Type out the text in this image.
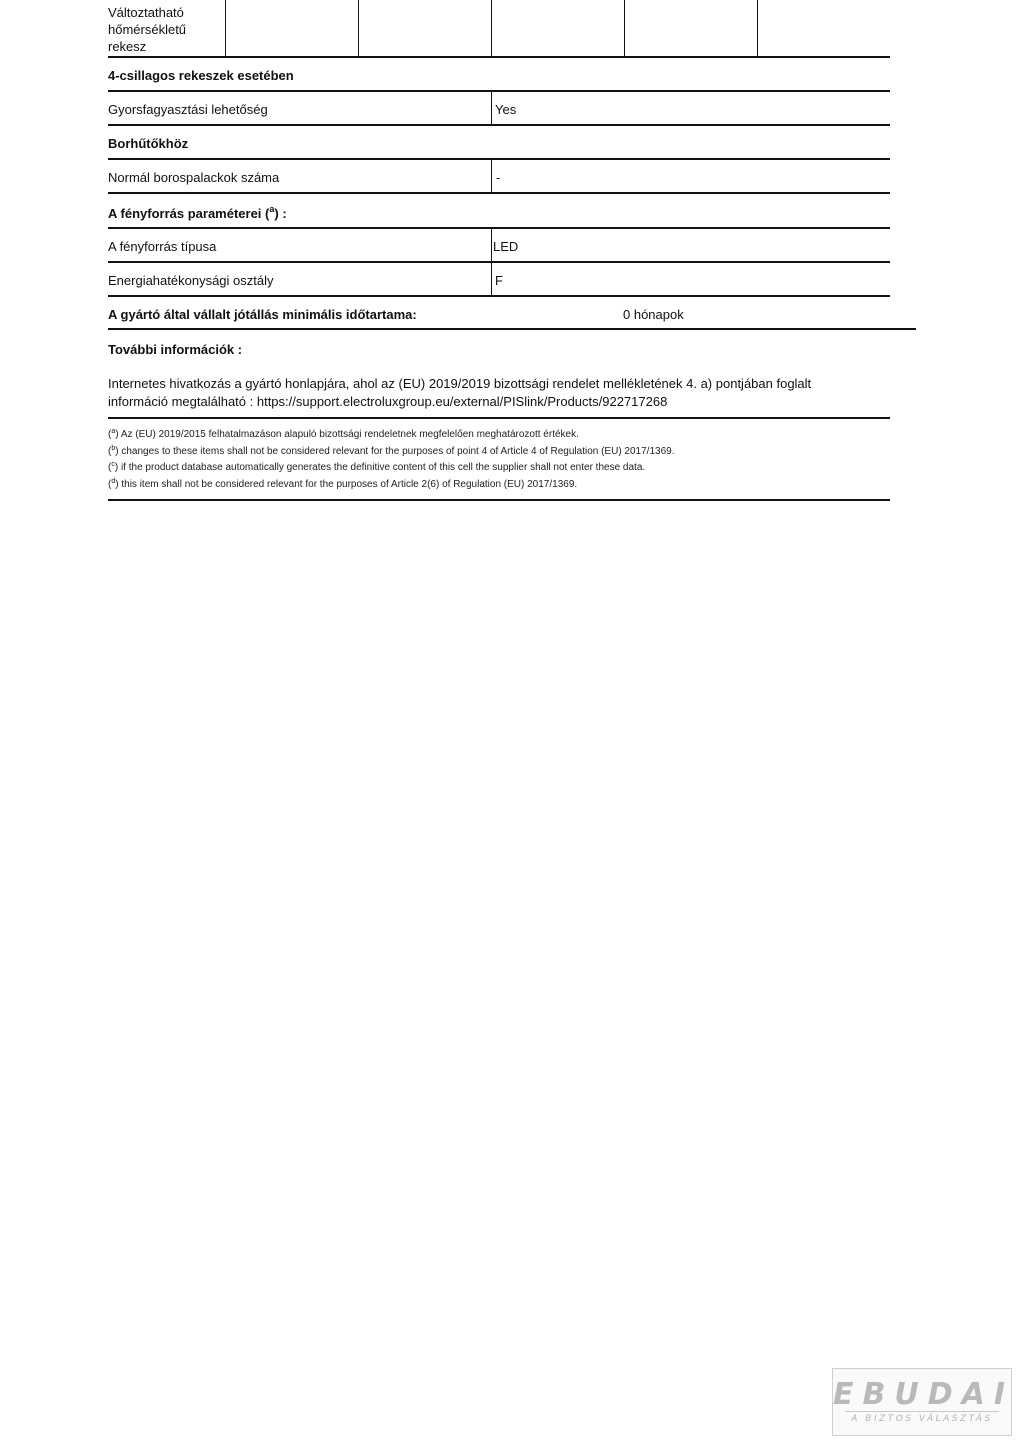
Változtatható hőmérsékletű rekesz
4-csillagos rekeszek esetében
Gyorsfagyasztási lehetőség	Yes
Borhűtőkhöz
Normál borospalackok száma	-
A fényforrás paraméterei ($^a$) :
A fényforrás típusa	LED
Energiahatékonysági osztály	F
A gyártó által vállalt jótállás minimális időtartama:	0 hónapok
További információk :
Internetes hivatkozás a gyártó honlapjára, ahol az (EU) 2019/2019 bizottsági rendelet mellékletének 4. a) pontjában foglalt
információ megtalálható : https://support.electroluxgroup.eu/external/PISlink/Products/922717268
($^a$) Az (EU) 2019/2015 felhatalmazáson alapuló bizottsági rendeletnek megfelelően meghatározott értékek.
($^b$) changes to these items shall not be considered relevant for the purposes of point 4 of Article 4 of Regulation (EU) 2017/1369.
($^c$) if the product database automatically generates the definitive content of this cell the supplier shall not enter these data.
($^d$) this item shall not be considered relevant for the purposes of Article 2(6) of Regulation (EU) 2017/1369.
EBUDAI
A BIZTOS VÁLASZTÁS
